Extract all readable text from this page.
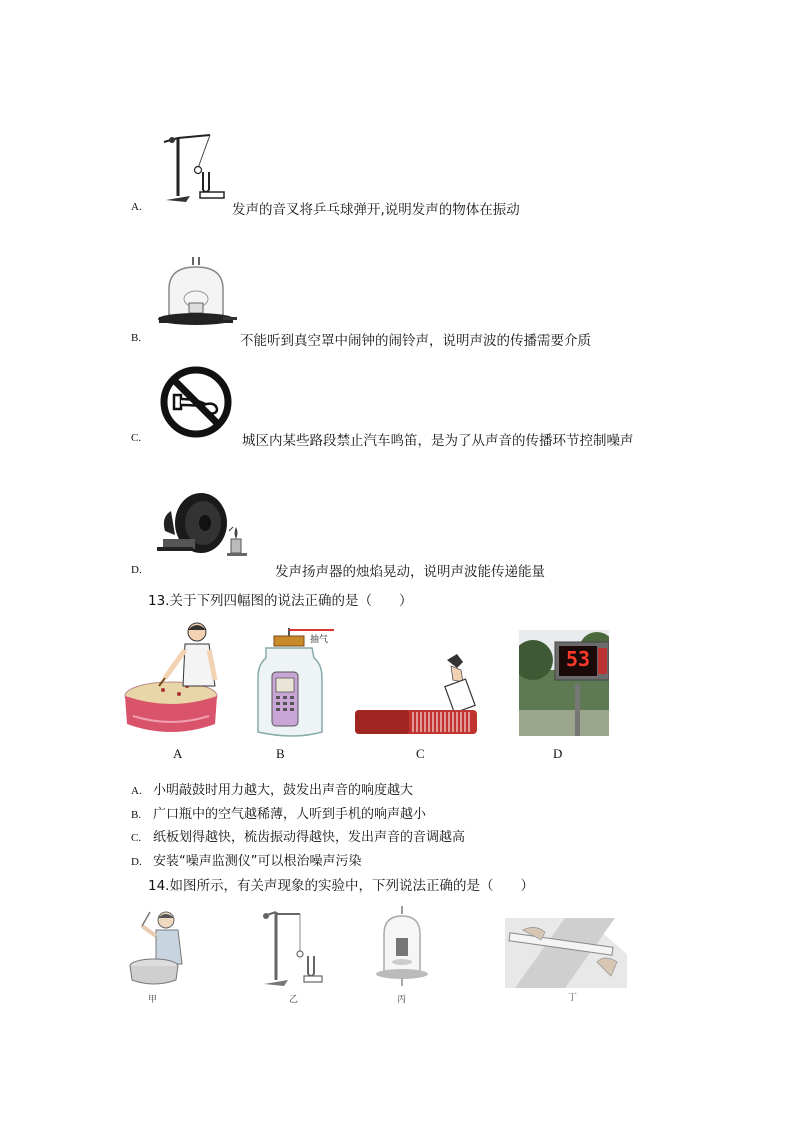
A.	发声的音叉将乒乓球弹开,说明发声的物体在振动
B.	不能听到真空罩中闹钟的闹铃声，说明声波的传播需要介质
C.	城区内某些路段禁止汽车鸣笛，是为了从声音的传播环节控制噪声
D.	发声扬声器的烛焰晃动，说明声波能传递能量
13.关于下列四幅图的说法正确的是（　　）
A
抽气
B	C
53
D
A. 小明敲鼓时用力越大，鼓发出声音的响度越大
B. 广口瓶中的空气越稀薄，人听到手机的响声越小
C. 纸板划得越快，梳齿振动得越快，发出声音的音调越高
D. 安装“噪声监测仪”可以根治噪声污染
14.如图所示，有关声现象的实验中，下列说法正确的是（　　）
甲	乙	丙	丁
